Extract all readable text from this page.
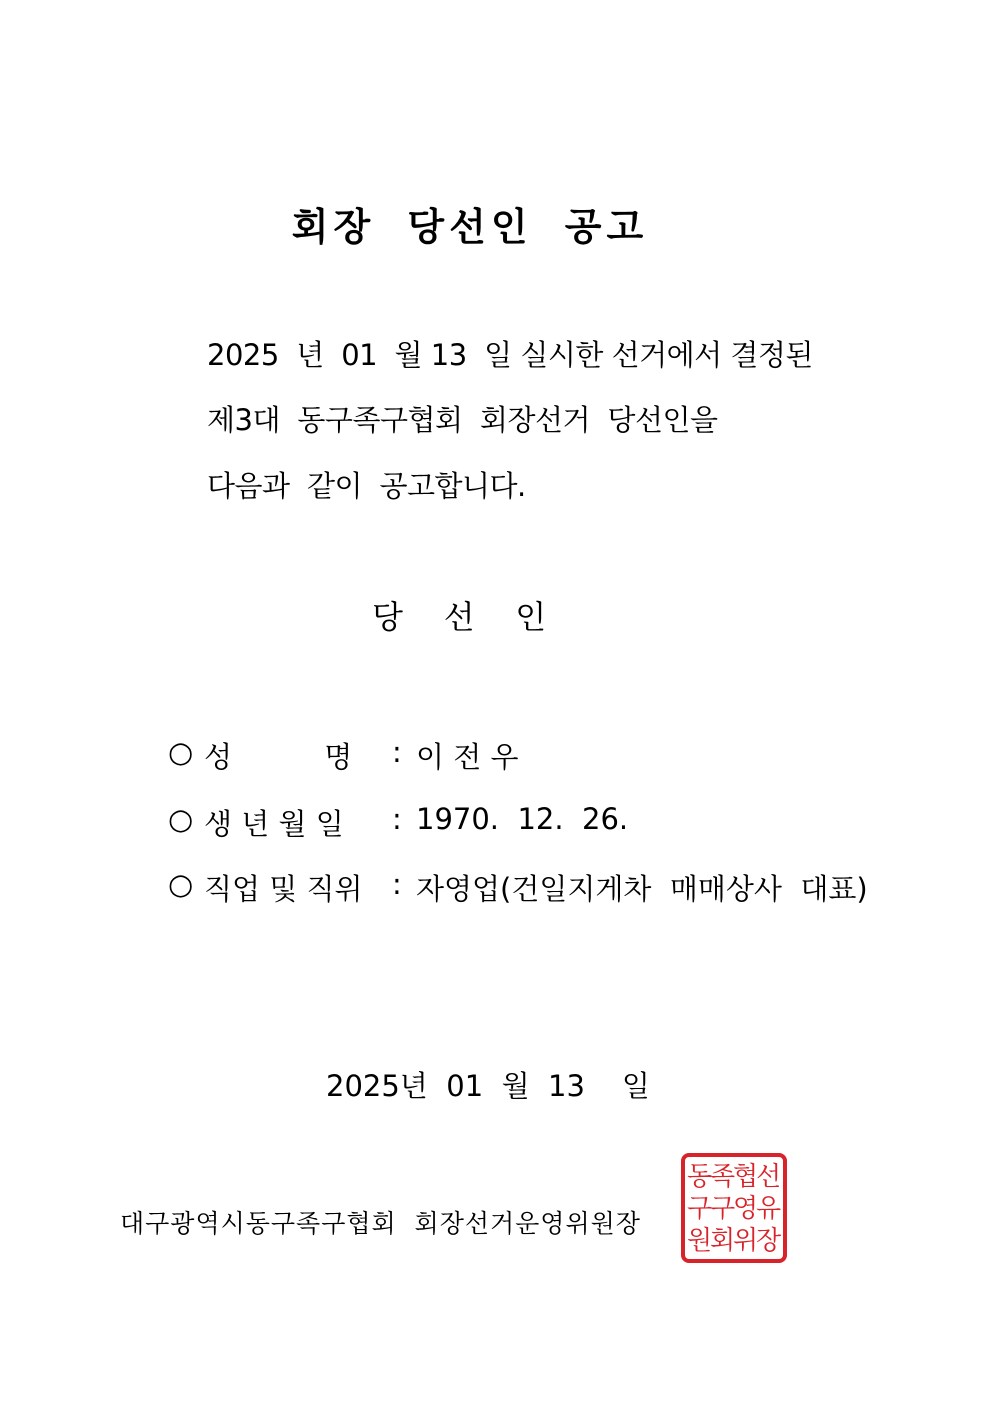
회장 당선인 공고
2025  년  01  월 13  일 실시한 선거에서 결정된
제3대  동구족구협회  회장선거  당선인을
다음과  같이  공고합니다.
당    선    인

○

성          명

:

이 전 우

○

생 년 월 일

:

1970.  12.  26.

○

직업 및 직위

:

자영업(건일지게차  매매상사  대표)

2025년  01  월  13    일
대구광역시동구족구협회  회장선거운영위원장
동
족
협
선
구
구
영
유
원
회
위
장
